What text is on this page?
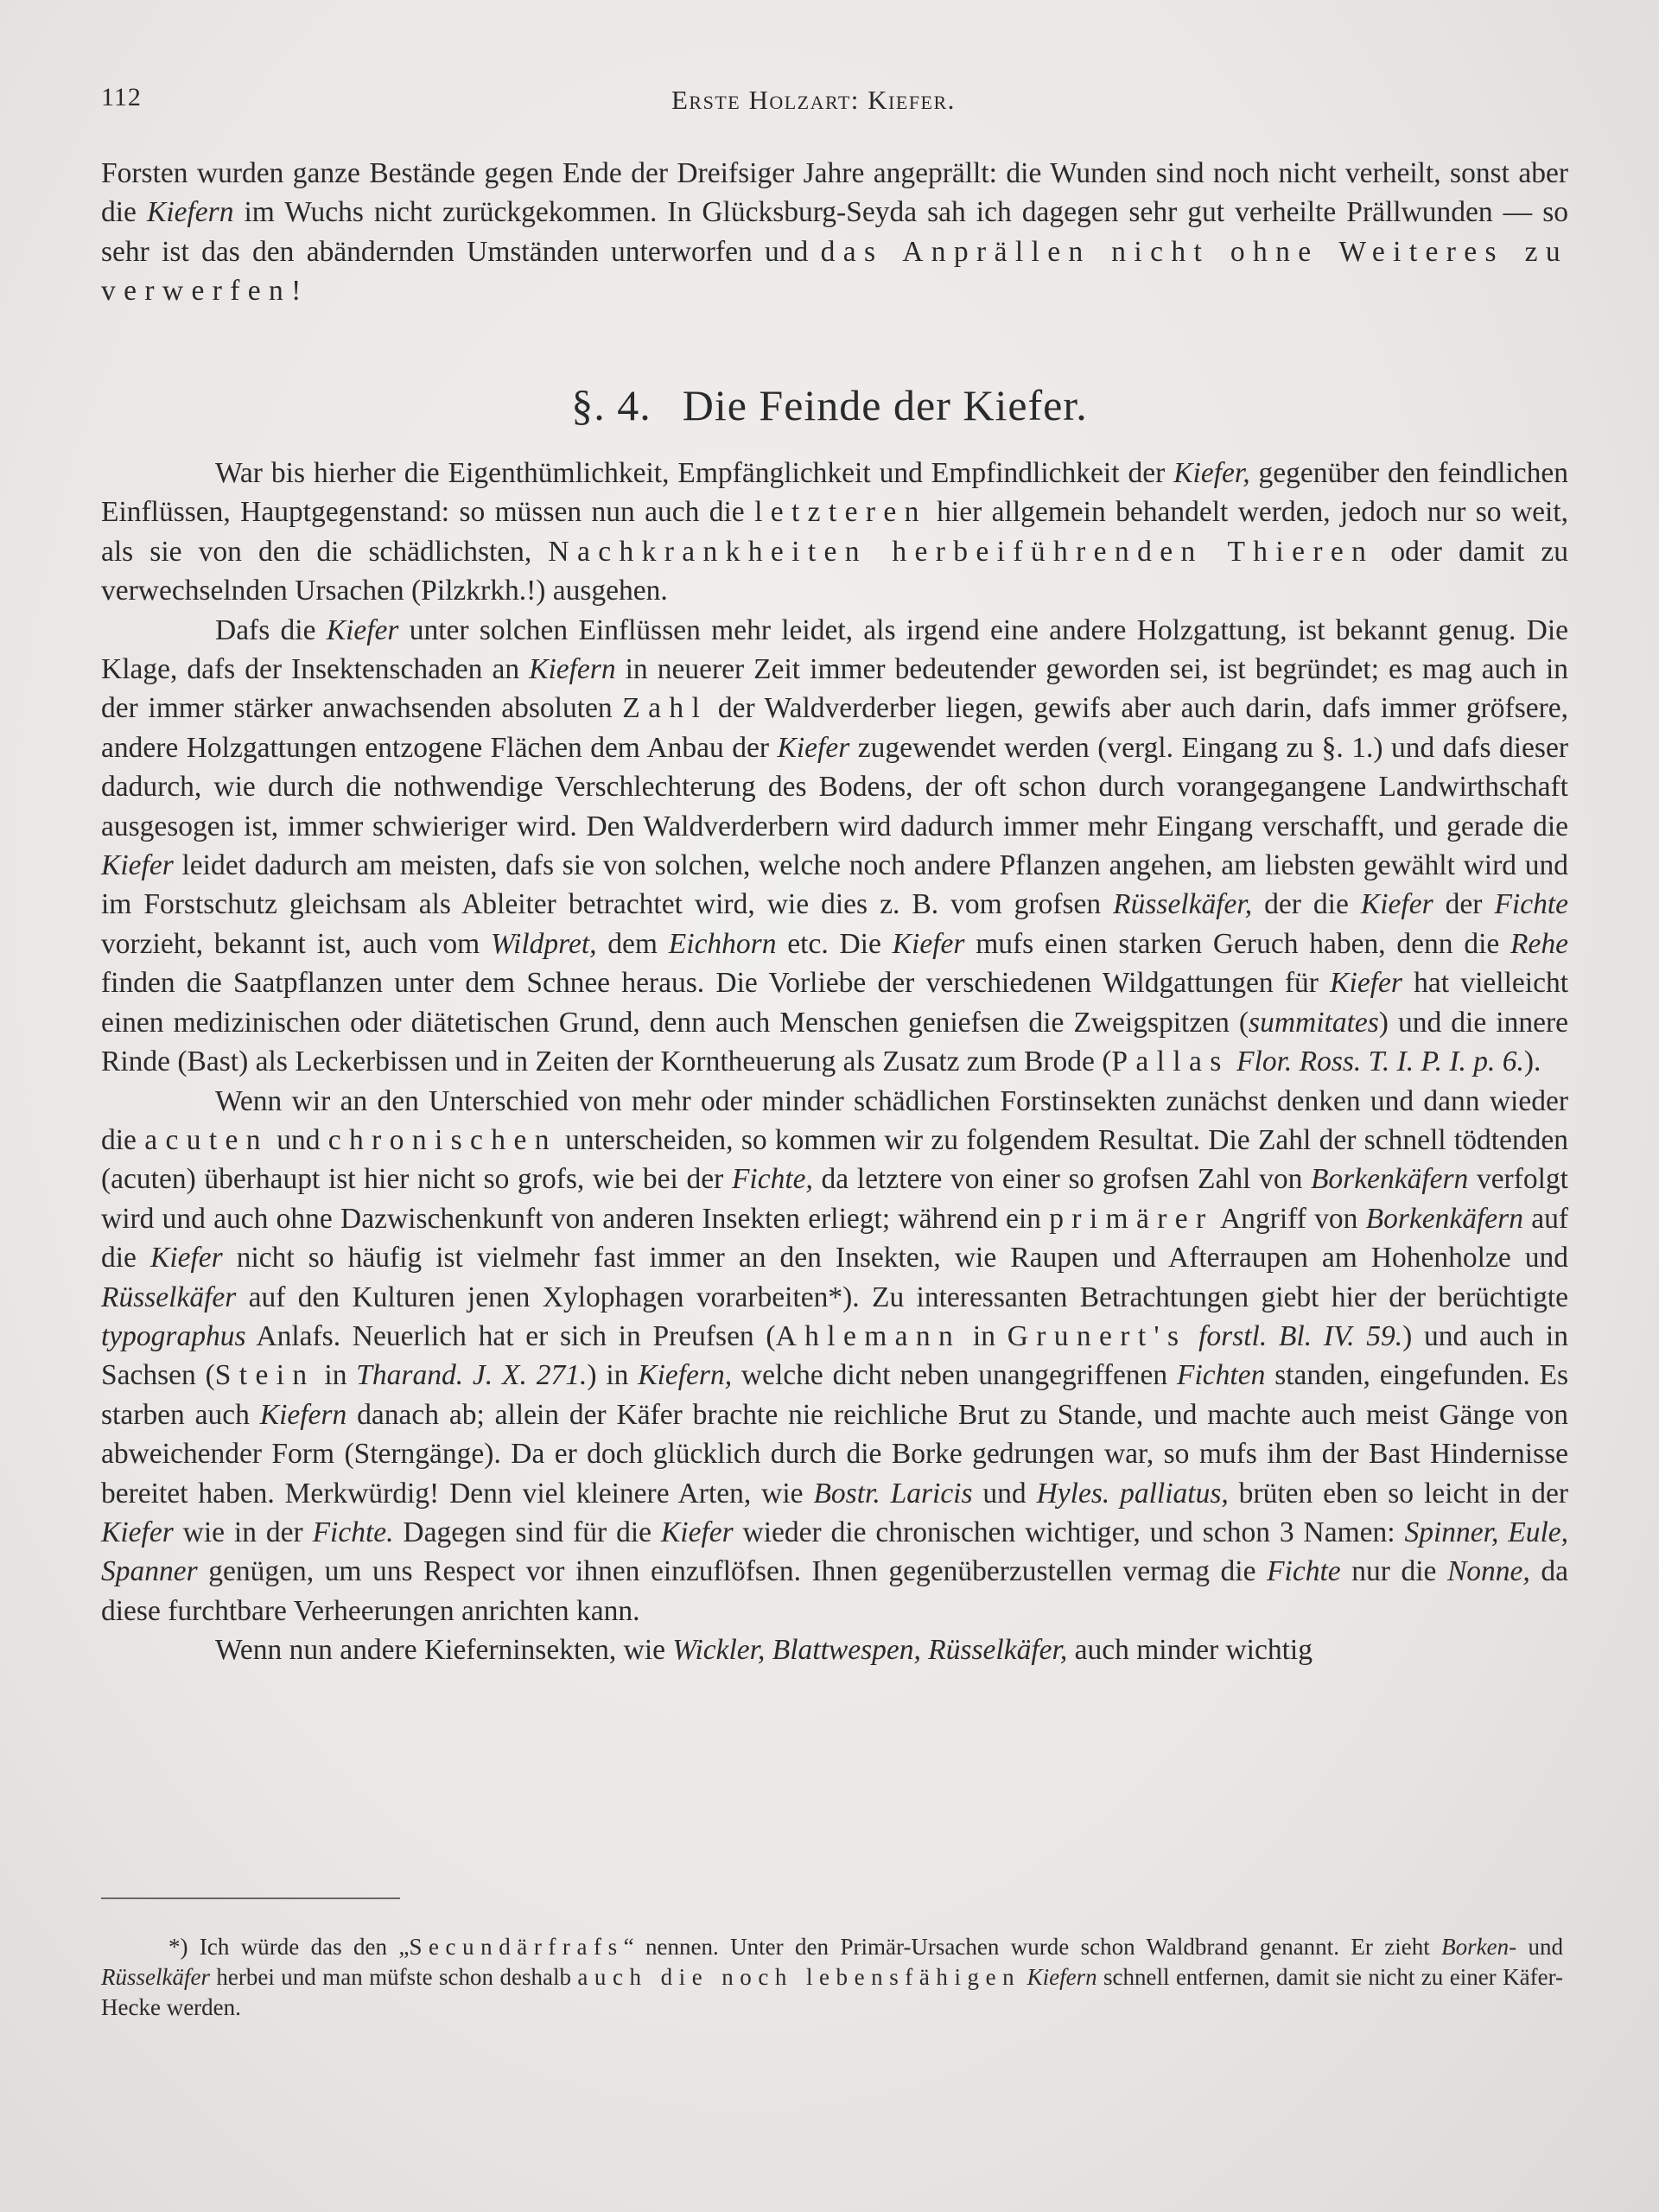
112	Erste Holzart: Kiefer.

Forsten wurden ganze Bestände gegen Ende der Dreifsiger Jahre angeprällt: die Wunden sind noch nicht verheilt, sonst aber die Kiefern im Wuchs nicht zurückgekommen. In Glücksburg-Seyda sah ich dagegen sehr gut verheilte Prällwunden — so sehr ist das den abändernden Umständen unterworfen und das Anprällen nicht ohne Weiteres zu verwerfen!

§. 4. Die Feinde der Kiefer.

War bis hierher die Eigenthümlichkeit, Empfänglichkeit und Empfindlichkeit der Kiefer, gegenüber den feindlichen Einflüssen, Hauptgegenstand: so müssen nun auch die letzteren hier allgemein behandelt werden, jedoch nur so weit, als sie von den die schädlichsten, Nachkrankheiten herbeiführenden Thieren oder damit zu verwechselnden Ursachen (Pilzkrkh.!) ausgehen.

Dafs die Kiefer unter solchen Einflüssen mehr leidet, als irgend eine andere Holzgattung, ist bekannt genug. Die Klage, dafs der Insektenschaden an Kiefern in neuerer Zeit immer bedeutender geworden sei, ist begründet; es mag auch in der immer stärker anwachsenden absoluten Zahl der Waldverderber liegen, gewifs aber auch darin, dafs immer gröfsere, andere Holzgattungen entzogene Flächen dem Anbau der Kiefer zugewendet werden (vergl. Eingang zu §. 1.) und dafs dieser dadurch, wie durch die nothwendige Verschlechterung des Bodens, der oft schon durch vorangegangene Landwirthschaft ausgesogen ist, immer schwieriger wird. Den Waldverderbern wird dadurch immer mehr Eingang verschafft, und gerade die Kiefer leidet dadurch am meisten, dafs sie von solchen, welche noch andere Pflanzen angehen, am liebsten gewählt wird und im Forstschutz gleichsam als Ableiter betrachtet wird, wie dies z. B. vom grofsen Rüsselkäfer, der die Kiefer der Fichte vorzieht, bekannt ist, auch vom Wildpret, dem Eichhorn etc. Die Kiefer mufs einen starken Geruch haben, denn die Rehe finden die Saatpflanzen unter dem Schnee heraus. Die Vorliebe der verschiedenen Wildgattungen für Kiefer hat vielleicht einen medizinischen oder diätetischen Grund, denn auch Menschen geniefsen die Zweigspitzen (summitates) und die innere Rinde (Bast) als Leckerbissen und in Zeiten der Korntheuerung als Zusatz zum Brode (Pallas Flor. Ross. T. I. P. I. p. 6.).

Wenn wir an den Unterschied von mehr oder minder schädlichen Forstinsekten zunächst denken und dann wieder die acuten und chronischen unterscheiden, so kommen wir zu folgendem Resultat. Die Zahl der schnell tödtenden (acuten) überhaupt ist hier nicht so grofs, wie bei der Fichte, da letztere von einer so grofsen Zahl von Borkenkäfern verfolgt wird und auch ohne Dazwischenkunft von anderen Insekten erliegt; während ein primärer Angriff von Borkenkäfern auf die Kiefer nicht so häufig ist vielmehr fast immer an den Insekten, wie Raupen und Afterraupen am Hohenholze und Rüsselkäfer auf den Kulturen jenen Xylophagen vorarbeiten*). Zu interessanten Betrachtungen giebt hier der berüchtigte typographus Anlafs. Neuerlich hat er sich in Preufsen (Ahlemann in Grunert's forstl. Bl. IV. 59.) und auch in Sachsen (Stein in Tharand. J. X. 271.) in Kiefern, welche dicht neben unangegriffenen Fichten standen, eingefunden. Es starben auch Kiefern danach ab; allein der Käfer brachte nie reichliche Brut zu Stande, und machte auch meist Gänge von abweichender Form (Sterngänge). Da er doch glücklich durch die Borke gedrungen war, so mufs ihm der Bast Hindernisse bereitet haben. Merkwürdig! Denn viel kleinere Arten, wie Bostr. Laricis und Hyles. palliatus, brüten eben so leicht in der Kiefer wie in der Fichte. Dagegen sind für die Kiefer wieder die chronischen wichtiger, und schon 3 Namen: Spinner, Eule, Spanner genügen, um uns Respect vor ihnen einzuflöfsen. Ihnen gegenüberzustellen vermag die Fichte nur die Nonne, da diese furchtbare Verheerungen anrichten kann.

Wenn nun andere Kieferninsekten, wie Wickler, Blattwespen, Rüsselkäfer, auch minder wichtig

*) Ich würde das den „Secundärfrafs“ nennen. Unter den Primär-Ursachen wurde schon Waldbrand genannt. Er zieht Borken- und Rüsselkäfer herbei und man müfste schon deshalb auch die noch lebensfähigen Kiefern schnell entfernen, damit sie nicht zu einer Käfer-Hecke werden.
